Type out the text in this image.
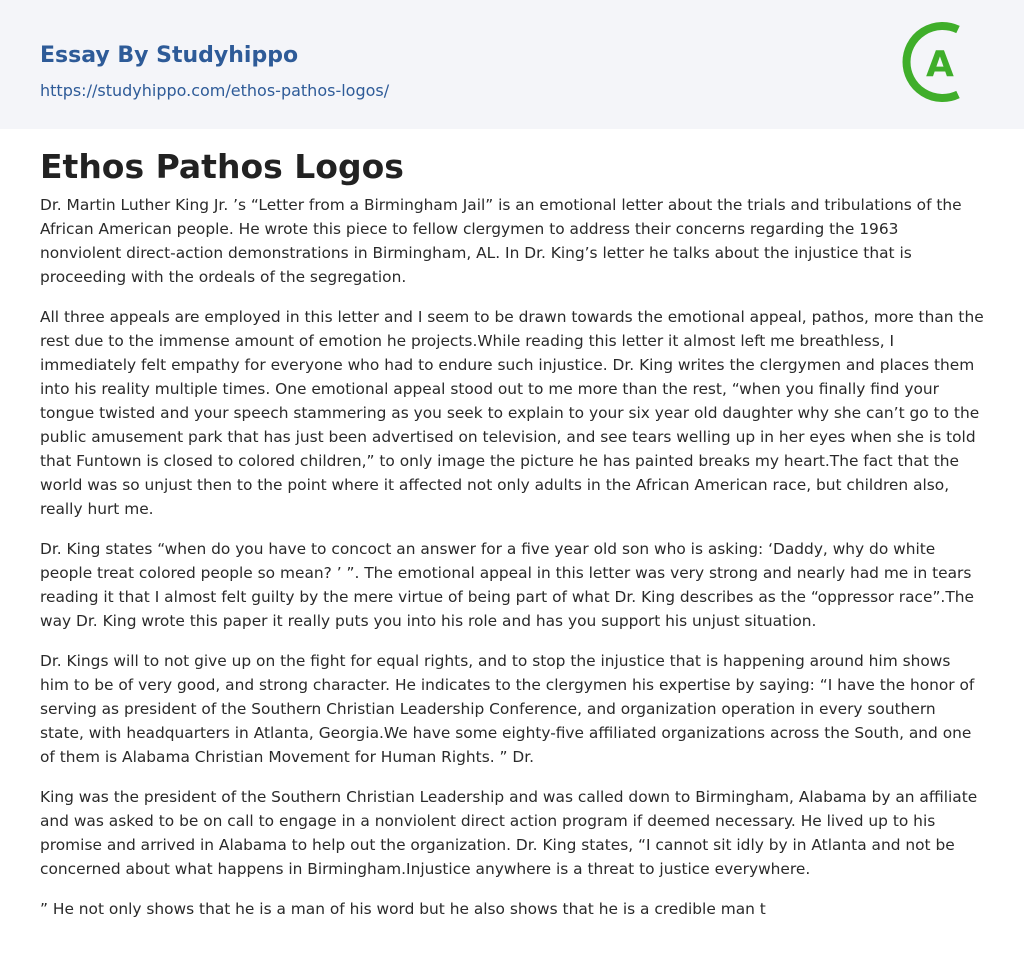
Essay By Studyhippo
https://studyhippo.com/ethos-pathos-logos/
A
Ethos Pathos Logos

Dr. Martin Luther King Jr. ’s “Letter from a Birmingham Jail” is an emotional letter about the trials and tribulations of the African American people. He wrote this piece to fellow clergymen to address their concerns regarding the 1963 nonviolent direct-action demonstrations in Birmingham, AL. In Dr. King’s letter he talks about the injustice that is proceeding with the ordeals of the segregation.

All three appeals are employed in this letter and I seem to be drawn towards the emotional appeal, pathos, more than the rest due to the immense amount of emotion he projects.While reading this letter it almost left me breathless, I immediately felt empathy for everyone who had to endure such injustice. Dr. King writes the clergymen and places them into his reality multiple times. One emotional appeal stood out to me more than the rest, “when you finally find your tongue twisted and your speech stammering as you seek to explain to your six year old daughter why she can’t go to the public amusement park that has just been advertised on television, and see tears welling up in her eyes when she is told that Funtown is closed to colored children,” to only image the picture he has painted breaks my heart.The fact that the world was so unjust then to the point where it affected not only adults in the African American race, but children also, really hurt me.

Dr. King states “when do you have to concoct an answer for a five year old son who is asking: ‘Daddy, why do white people treat colored people so mean? ’ ”. The emotional appeal in this letter was very strong and nearly had me in tears reading it that I almost felt guilty by the mere virtue of being part of what Dr. King describes as the “oppressor race”.The way Dr. King wrote this paper it really puts you into his role and has you support his unjust situation.

Dr. Kings will to not give up on the fight for equal rights, and to stop the injustice that is happening around him shows him to be of very good, and strong character. He indicates to the clergymen his expertise by saying: “I have the honor of serving as president of the Southern Christian Leadership Conference, and organization operation in every southern state, with headquarters in Atlanta, Georgia.We have some eighty-five affiliated organizations across the South, and one of them is Alabama Christian Movement for Human Rights. ” Dr.

King was the president of the Southern Christian Leadership and was called down to Birmingham, Alabama by an affiliate and was asked to be on call to engage in a nonviolent direct action program if deemed necessary. He lived up to his promise and arrived in Alabama to help out the organization. Dr. King states, “I cannot sit idly by in Atlanta and not be concerned about what happens in Birmingham.Injustice anywhere is a threat to justice everywhere.

” He not only shows that he is a man of his word but he also shows that he is a credible man t
